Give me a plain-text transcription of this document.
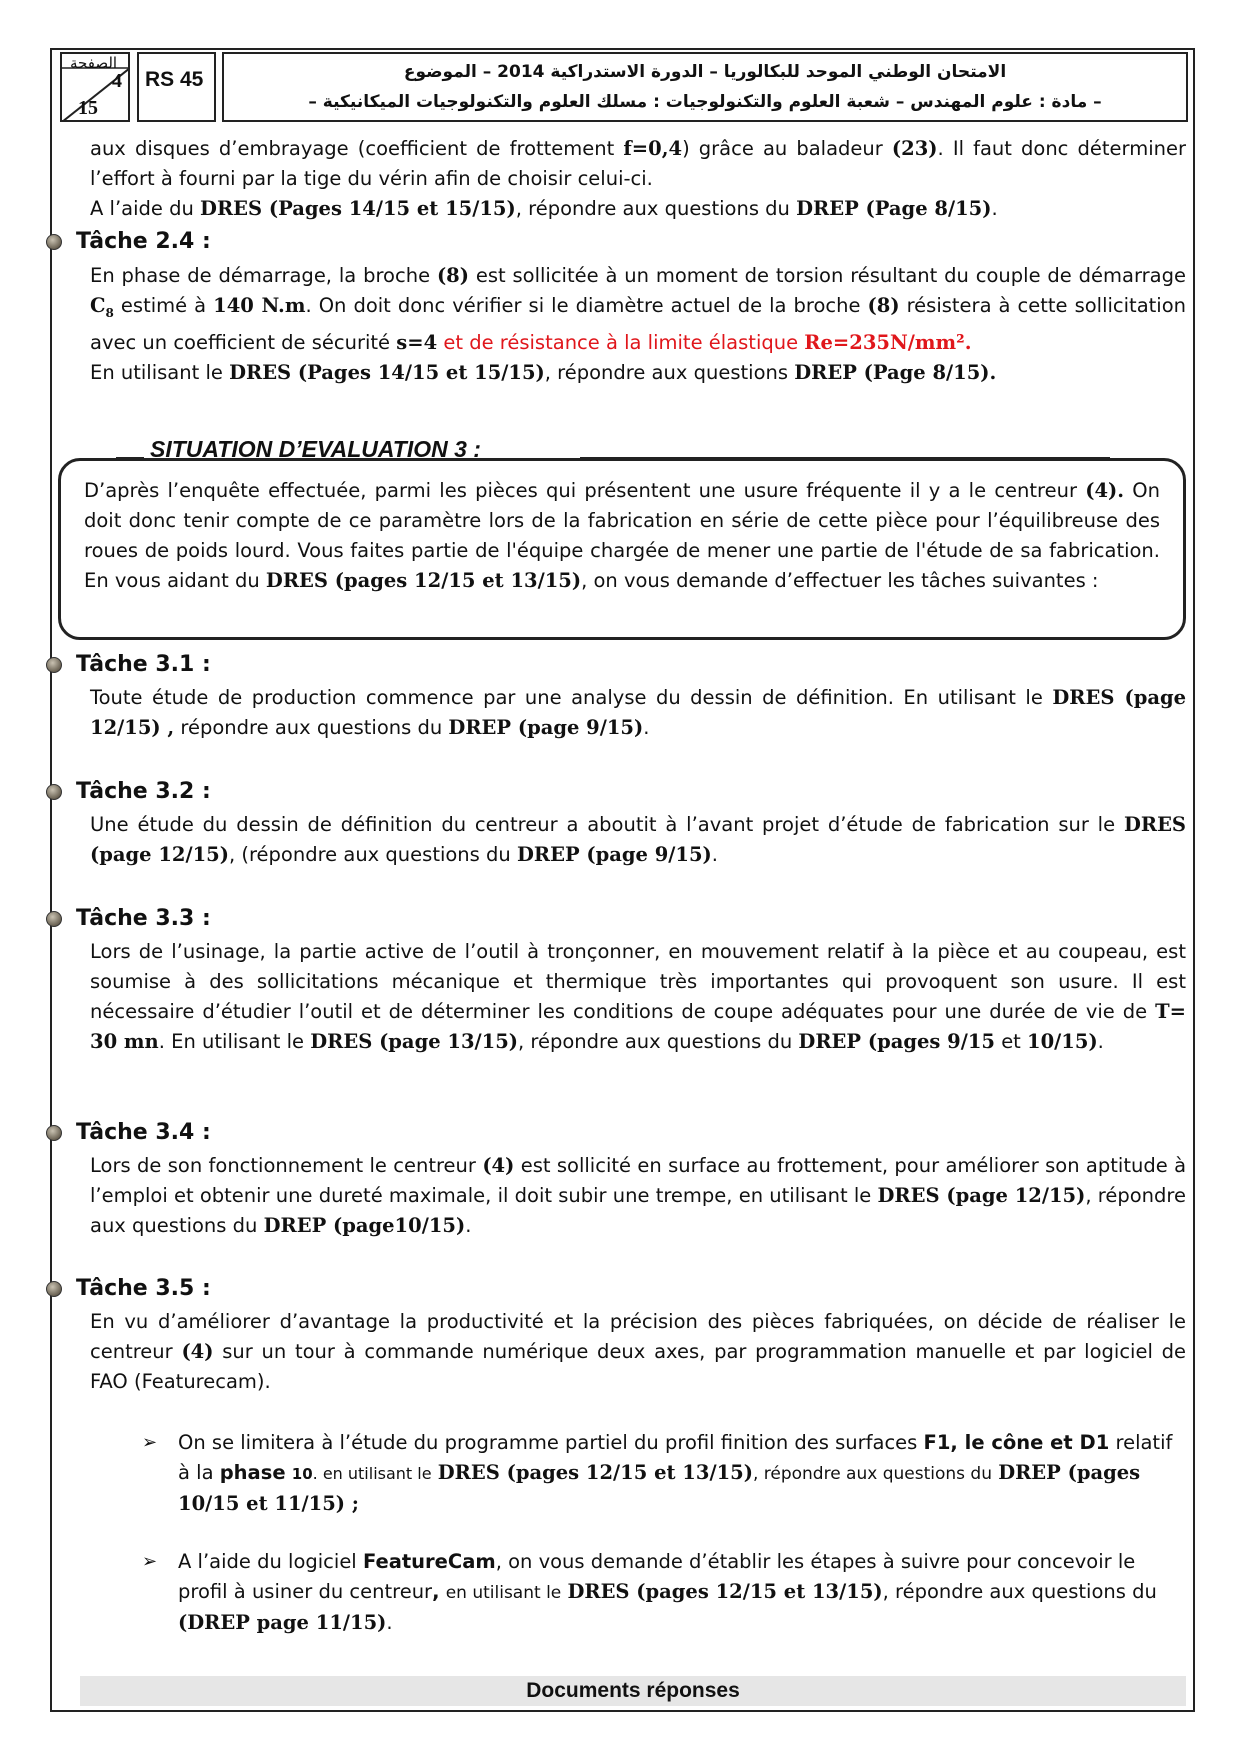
الصفحة
4
15
RS 45	الامتحان الوطني الموحد للبكالوريا – الدورة الاستدراكية 2014 – الموضوع
– مادة : علوم المهندس – شعبة العلوم والتكنولوجيات : مسلك العلوم والتكنولوجيات الميكانيكية –
aux disques d’embrayage (coefficient de frottement f=0,4) grâce au baladeur (23). Il faut donc déterminer l’effort à fourni par la tige du vérin afin de choisir celui-ci.
A l’aide du DRES (Pages 14/15 et 15/15), répondre aux questions du DREP (Page 8/15).
Tâche 2.4 :
En phase de démarrage, la broche (8) est sollicitée à un moment de torsion résultant du couple de démarrage $C_8$ estimé à 140 N.m. On doit donc vérifier si le diamètre actuel de la broche (8) résistera à cette sollicitation avec un coefficient de sécurité s=4 et de résistance à la limite élastique Re=235N/mm².
En utilisant le DRES (Pages 14/15 et 15/15), répondre aux questions DREP (Page 8/15).
SITUATION D’EVALUATION 3 :
D’après l’enquête effectuée, parmi les pièces qui présentent une usure fréquente il y a le centreur (4). On doit donc tenir compte de ce paramètre lors de la fabrication en série de cette pièce pour l’équilibreuse des roues de poids lourd. Vous faites partie de l'équipe chargée de mener une partie de l'étude de sa fabrication. En vous aidant du DRES (pages 12/15 et 13/15), on vous demande d’effectuer les tâches suivantes :
Tâche 3.1 :
Toute étude de production commence par une analyse du dessin de définition. En utilisant le DRES (page 12/15) , répondre aux questions du DREP (page 9/15).
Tâche 3.2 :
Une étude du dessin de définition du centreur a aboutit à l’avant projet d’étude de fabrication sur le DRES (page 12/15), (répondre aux questions du DREP (page 9/15).
Tâche 3.3 :
Lors de l’usinage, la partie active de l’outil à tronçonner, en mouvement relatif à la pièce et au coupeau, est soumise à des sollicitations mécanique et thermique très importantes qui provoquent son usure. Il est nécessaire d’étudier l’outil et de déterminer les conditions de coupe adéquates pour une durée de vie de T= 30 mn. En utilisant le DRES (page 13/15), répondre aux questions du DREP (pages 9/15 et 10/15).
Tâche 3.4 :
Lors de son fonctionnement le centreur (4) est sollicité en surface au frottement, pour améliorer son aptitude à l’emploi et obtenir une dureté maximale, il doit subir une trempe, en utilisant le DRES (page 12/15), répondre aux questions du DREP (page10/15).
Tâche 3.5 :
En vu d’améliorer d’avantage la productivité et la précision des pièces fabriquées, on décide de réaliser le centreur (4) sur un tour à commande numérique deux axes, par programmation manuelle et par logiciel de FAO (Featurecam).
➢ On se limitera à l’étude du programme partiel du profil finition des surfaces F1, le cône et D1 relatif à la phase 10. en utilisant le DRES (pages 12/15 et 13/15), répondre aux questions du DREP (pages 10/15 et 11/15) ;
➢ A l’aide du logiciel FeatureCam, on vous demande d’établir les étapes à suivre pour concevoir le profil à usiner du centreur, en utilisant le DRES (pages 12/15 et 13/15), répondre aux questions du (DREP page 11/15).
Documents réponses
